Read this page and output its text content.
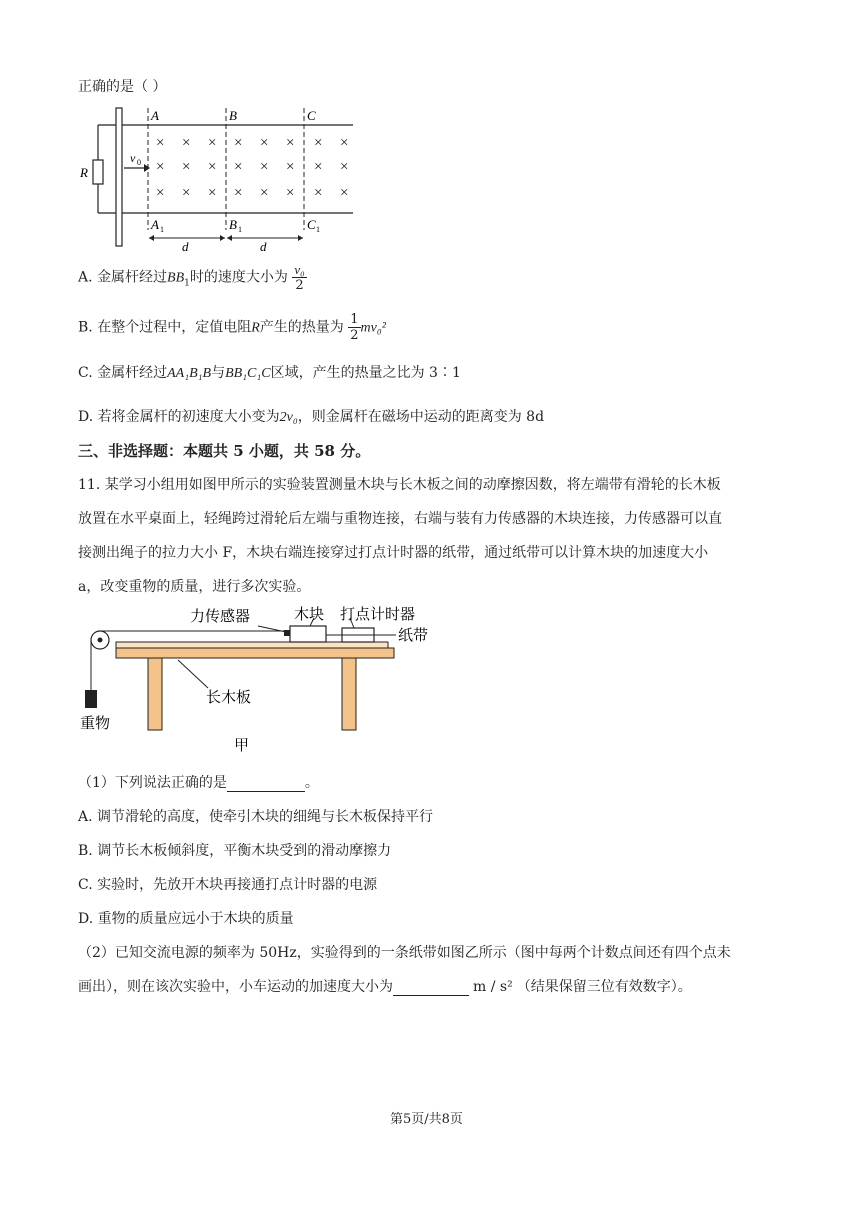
正确的是（ ）
R
v 0
A	B	C
A 1	B 1	C 1
d	d
× × × × × × × ×
× × × × × × × ×
× × × × × × × ×
A. 金属杆经过$BB_1$时的速度大小为 $\frac{\text{v₀}}{2}$
B. 在整个过程中，定值电阻R产生的热量为 $\frac{1}{2} mv_0^2$
C. 金属杆经过AA₁B₁B与BB₁C₁C区域，产生的热量之比为 3∶1
D. 若将金属杆的初速度大小变为2v₀，则金属杆在磁场中运动的距离变为 8d
三、非选择题：本题共 5 小题，共 58 分。
11. 某学习小组用如图甲所示的实验装置测量木块与长木板之间的动摩擦因数，将左端带有滑轮的长木板
放置在水平桌面上，轻绳跨过滑轮后左端与重物连接，右端与装有力传感器的木块连接，力传感器可以直
接测出绳子的拉力大小 F，木块右端连接穿过打点计时器的纸带，通过纸带可以计算木块的加速度大小
a，改变重物的质量，进行多次实验。
力传感器	木块 打点计时器
纸带
长木板
重物
甲
（1）下列说法正确的是	。
A. 调节滑轮的高度，使牵引木块的细绳与长木板保持平行
B. 调节长木板倾斜度，平衡木块受到的滑动摩擦力
C. 实验时，先放开木块再接通打点计时器的电源
D. 重物的质量应远小于木块的质量
（2）已知交流电源的频率为 50Hz，实验得到的一条纸带如图乙所示（图中每两个计数点间还有四个点未
画出），则在该次实验中，小车运动的加速度大小为	m / s² （结果保留三位有效数字）。
第5页/共8页
